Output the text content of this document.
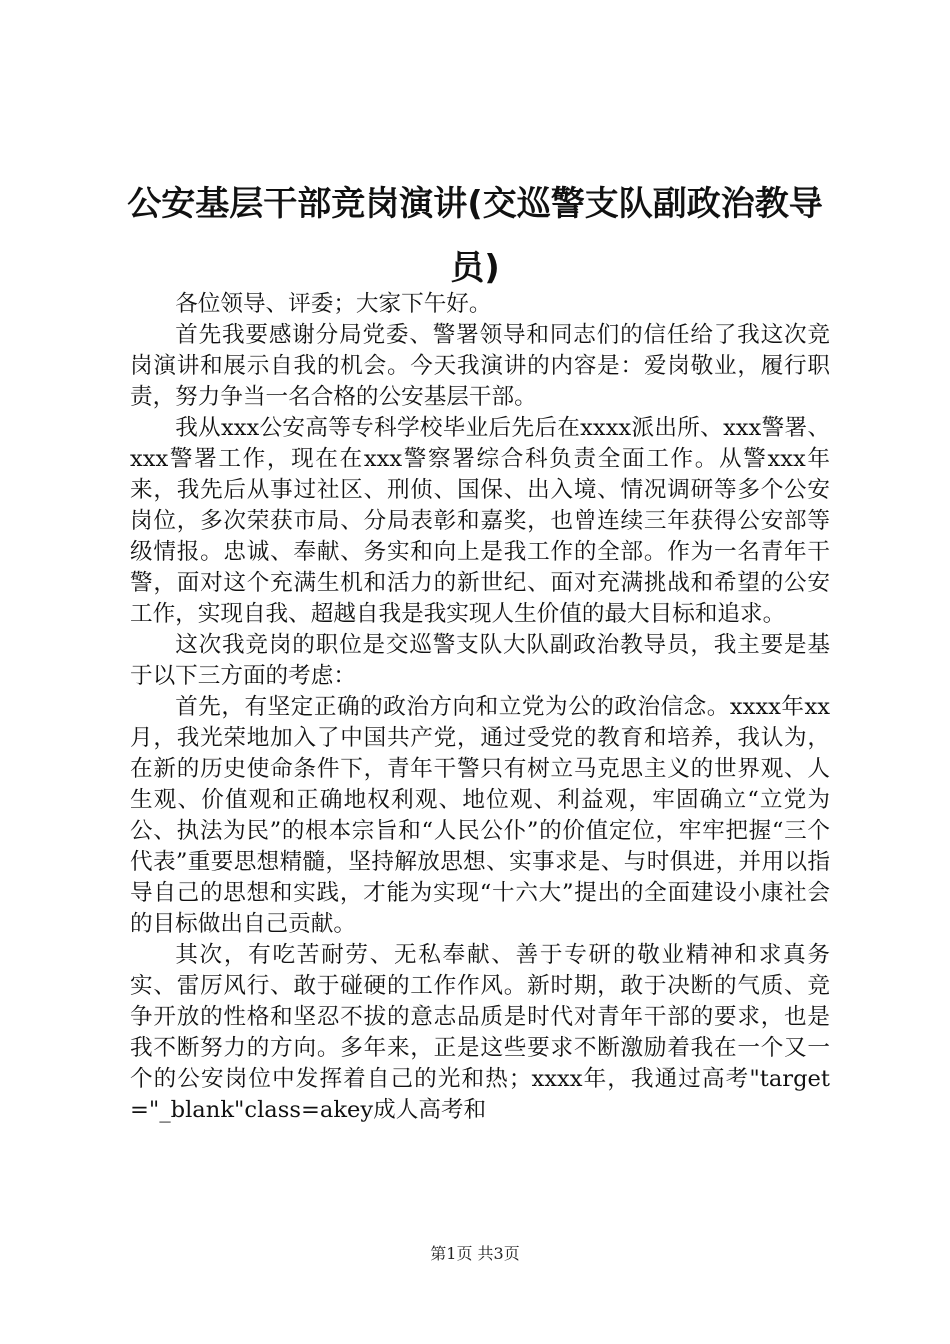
公安基层干部竞岗演讲(交巡警支队副政治教导员)

各位领导、评委；大家下午好。

首先我要感谢分局党委、警署领导和同志们的信任给了我这次竞岗演讲和展示自我的机会。今天我演讲的内容是：爱岗敬业，履行职责，努力争当一名合格的公安基层干部。

我从xxx公安高等专科学校毕业后先后在xxxx派出所、xxx警署、xxx警署工作，现在在xxx警察署综合科负责全面工作。从警xxx年来，我先后从事过社区、刑侦、国保、出入境、情况调研等多个公安岗位，多次荣获市局、分局表彰和嘉奖，也曾连续三年获得公安部等级情报。忠诚、奉献、务实和向上是我工作的全部。作为一名青年干警，面对这个充满生机和活力的新世纪、面对充满挑战和希望的公安工作，实现自我、超越自我是我实现人生价值的最大目标和追求。

这次我竞岗的职位是交巡警支队大队副政治教导员，我主要是基于以下三方面的考虑：

首先，有坚定正确的政治方向和立党为公的政治信念。xxxx年xx月，我光荣地加入了中国共产党，通过受党的教育和培养，我认为，在新的历史使命条件下，青年干警只有树立马克思主义的世界观、人生观、价值观和正确地权利观、地位观、利益观，牢固确立“立党为公、执法为民”的根本宗旨和“人民公仆”的价值定位，牢牢把握“三个代表”重要思想精髓，坚持解放思想、实事求是、与时俱进，并用以指导自己的思想和实践，才能为实现“十六大”提出的全面建设小康社会的目标做出自己贡献。

其次，有吃苦耐劳、无私奉献、善于专研的敬业精神和求真务实、雷厉风行、敢于碰硬的工作作风。新时期，敢于决断的气质、竞争开放的性格和坚忍不拔的意志品质是时代对青年干部的要求，也是我不断努力的方向。多年来，正是这些要求不断激励着我在一个又一个的公安岗位中发挥着自己的光和热；xxxx年，我通过高考"target="_blank"class=akey成人高考和

第1页 共3页
